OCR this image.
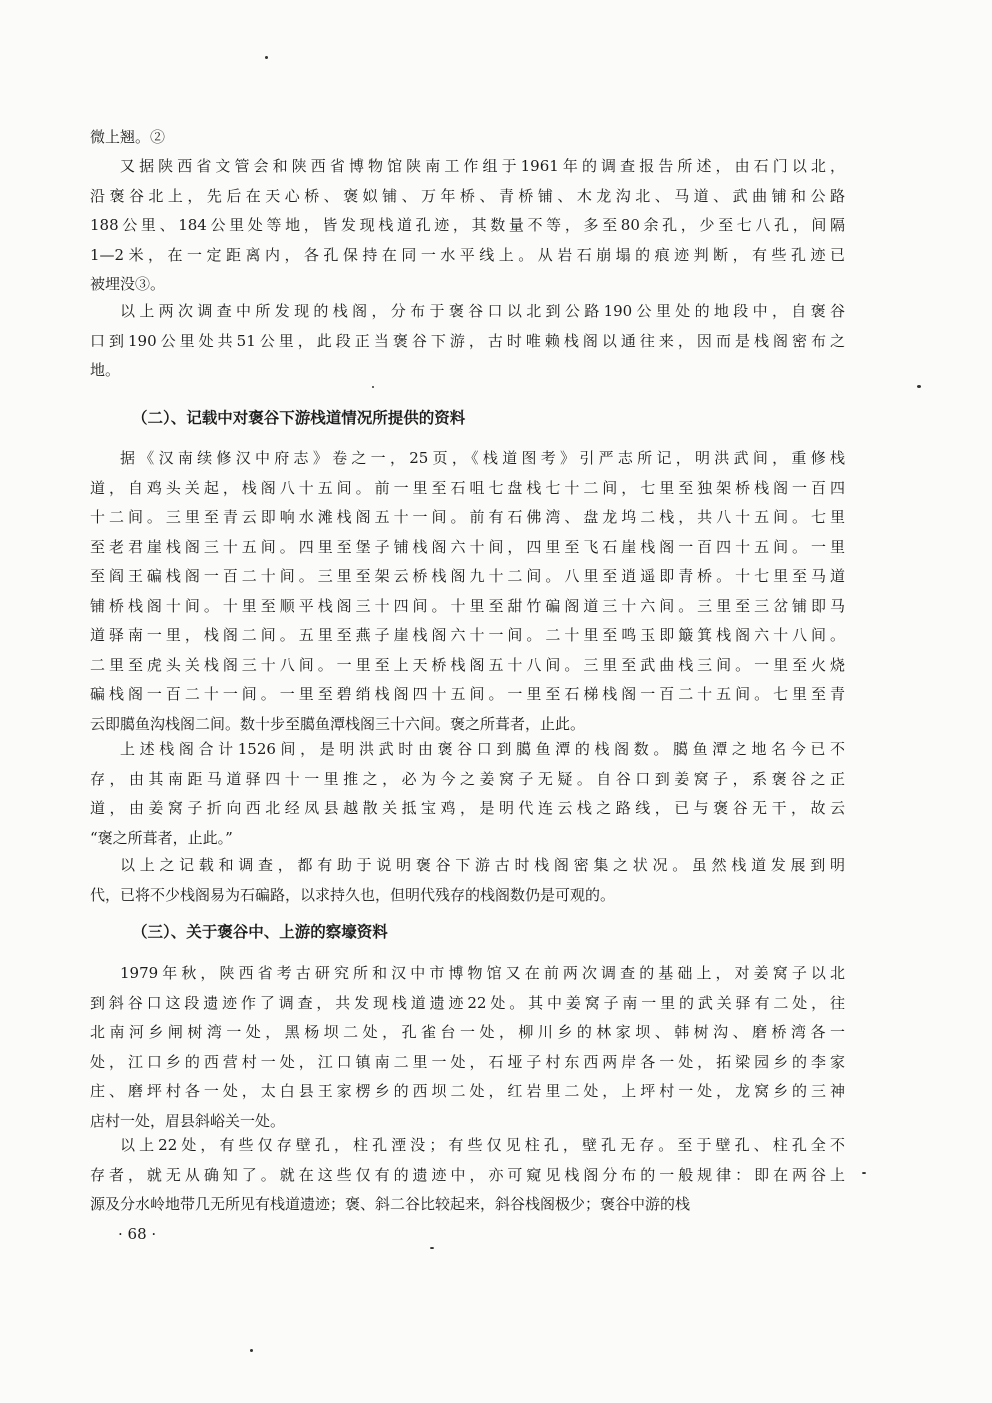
微上翘。②

又据陕西省文管会和陕西省博物馆陕南工作组于1961年的调查报告所述，由石门以北，
沿褒谷北上，先后在天心桥、褒姒铺、万年桥、青桥铺、木龙沟北、马道、武曲铺和公路
188公里、184公里处等地，皆发现栈道孔迹，其数量不等，多至80余孔，少至七八孔，间隔
1—2米，在一定距离内，各孔保持在同一水平线上。从岩石崩塌的痕迹判断，有些孔迹已
被埋没③。

以上两次调查中所发现的栈阁，分布于褒谷口以北到公路190公里处的地段中，自褒谷
口到190公里处共51公里，此段正当褒谷下游，古时唯赖栈阁以通往来，因而是栈阁密布之
地。

（二）、记载中对褒谷下游栈道情况所提供的资料

据《汉南续修汉中府志》卷之一，25页，《栈道图考》引严志所记，明洪武间，重修栈
道，自鸡头关起，栈阁八十五间。前一里至石咀七盘栈七十二间，七里至独架桥栈阁一百四
十二间。三里至青云即响水滩栈阁五十一间。前有石佛湾、盘龙坞二栈，共八十五间。七里
至老君崖栈阁三十五间。四里至堡子铺栈阁六十间，四里至飞石崖栈阁一百四十五间。一里
至阎王碥栈阁一百二十间。三里至架云桥栈阁九十二间。八里至逍遥即青桥。十七里至马道
铺桥栈阁十间。十里至顺平栈阁三十四间。十里至甜竹碥阁道三十六间。三里至三岔铺即马
道驿南一里，栈阁二间。五里至燕子崖栈阁六十一间。二十里至鸣玉即簸箕栈阁六十八间。
二里至虎头关栈阁三十八间。一里至上天桥栈阁五十八间。三里至武曲栈三间。一里至火烧
碥栈阁一百二十一间。一里至碧绡栈阁四十五间。一里至石梯栈阁一百二十五间。七里至青
云即臈鱼沟栈阁二间。数十步至臈鱼潭栈阁三十六间。褒之所葺者，止此。

上述栈阁合计1526间，是明洪武时由褒谷口到臈鱼潭的栈阁数。臈鱼潭之地名今已不
存，由其南距马道驿四十一里推之，必为今之姜窝子无疑。自谷口到姜窝子，系褒谷之正
道，由姜窝子折向西北经凤县越散关抵宝鸡，是明代连云栈之路线，已与褒谷无干，故云
“褒之所葺者，止此。”

以上之记载和调查，都有助于说明褒谷下游古时栈阁密集之状况。虽然栈道发展到明
代，已将不少栈阁易为石碥路，以求持久也，但明代残存的栈阁数仍是可观的。

（三）、关于褒谷中、上游的察壕资料

1979年秋，陕西省考古研究所和汉中市博物馆又在前两次调查的基础上，对姜窝子以北
到斜谷口这段遗迹作了调查，共发现栈道遗迹22处。其中姜窝子南一里的武关驿有二处，往
北南河乡闸树湾一处，黑杨坝二处，孔雀台一处，柳川乡的林家坝、韩树沟、磨桥湾各一
处，江口乡的西营村一处，江口镇南二里一处，石垭子村东西两岸各一处，拓梁园乡的李家
庄、磨坪村各一处，太白县王家楞乡的西坝二处，红岩里二处，上坪村一处，龙窝乡的三神
店村一处，眉县斜峪关一处。

以上22处，有些仅存壁孔，柱孔湮没；有些仅见柱孔，壁孔无存。至于壁孔、柱孔全不
存者，就无从确知了。就在这些仅有的遗迹中，亦可窥见栈阁分布的一般规律：即在两谷上
源及分水岭地带几无所见有栈道遗迹；褒、斜二谷比较起来，斜谷栈阁极少；褒谷中游的栈

· 68 ·
